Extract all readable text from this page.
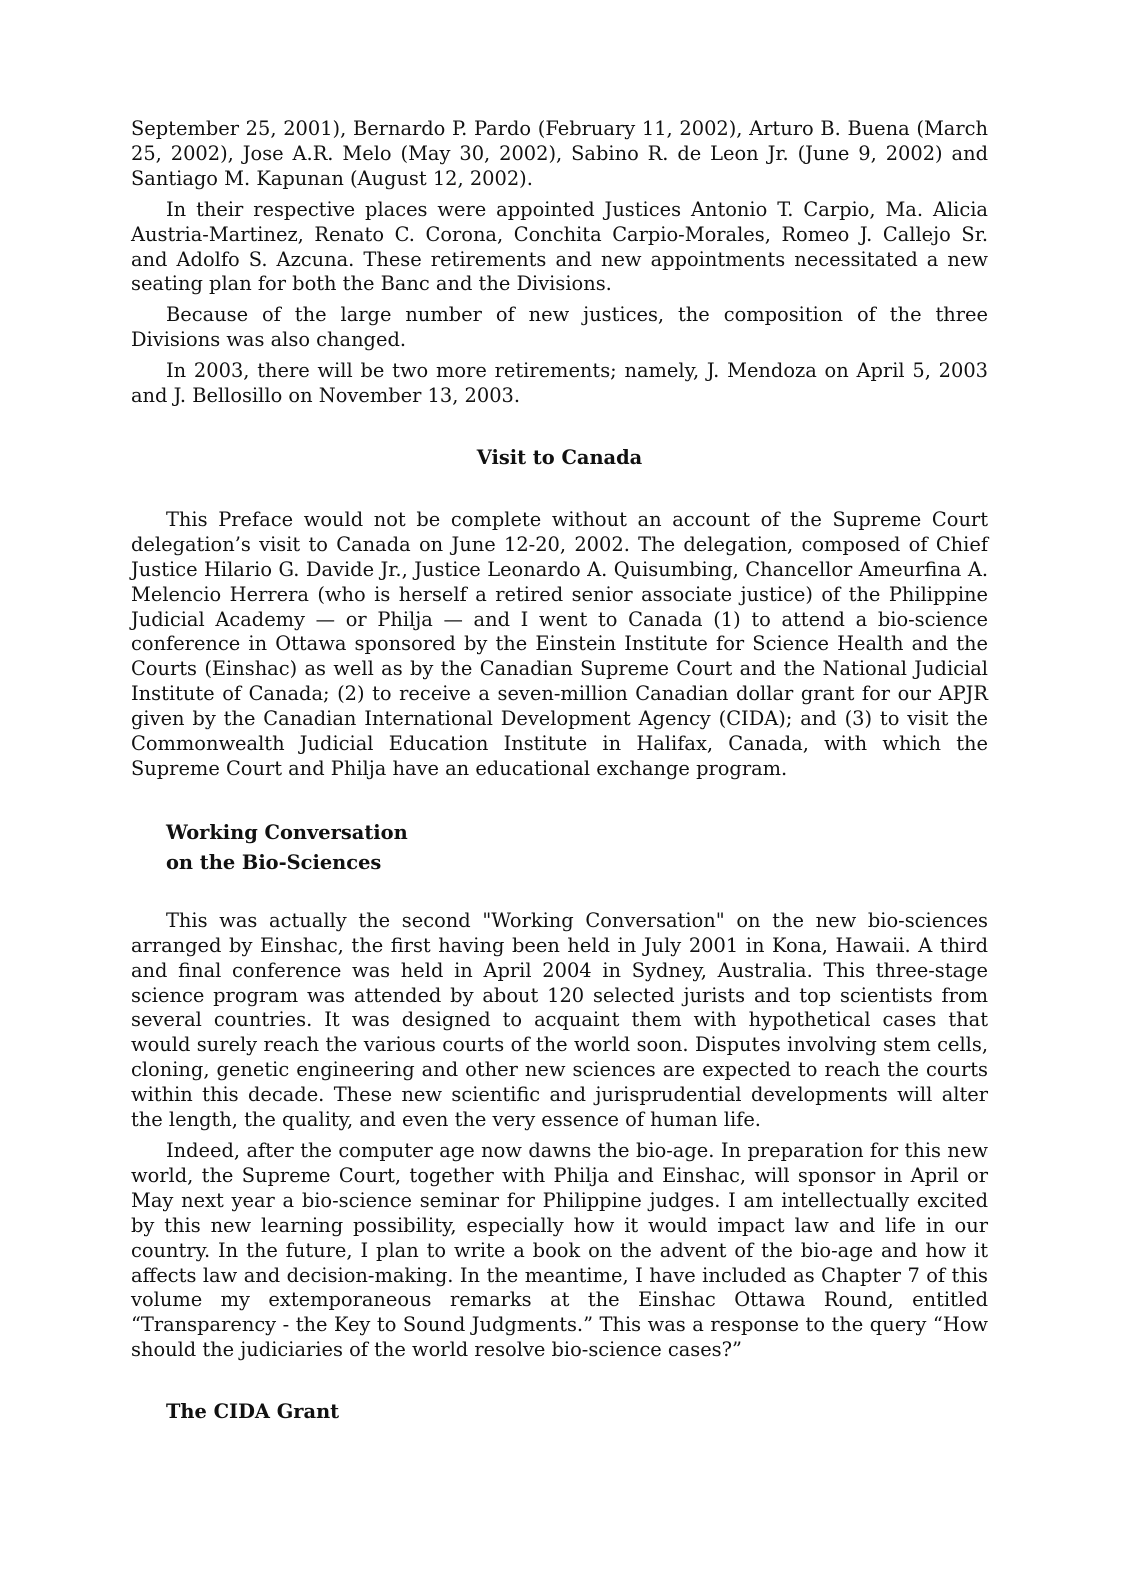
September 25, 2001), Bernardo P. Pardo (February 11, 2002), Arturo B. Buena (March 25, 2002), Jose A.R. Melo (May 30, 2002), Sabino R. de Leon Jr. (June 9, 2002) and Santiago M. Kapunan (August 12, 2002).

In their respective places were appointed Justices Antonio T. Carpio, Ma. Alicia Austria-Martinez, Renato C. Corona, Conchita Carpio-Morales, Romeo J. Callejo Sr. and Adolfo S. Azcuna. These retirements and new appointments necessitated a new seating plan for both the Banc and the Divisions.

Because of the large number of new justices, the composition of the three Divisions was also changed.

In 2003, there will be two more retirements; namely, J. Mendoza on April 5, 2003 and J. Bellosillo on November 13, 2003.

Visit to Canada

This Preface would not be complete without an account of the Supreme Court delegation’s visit to Canada on June 12-20, 2002. The delegation, composed of Chief Justice Hilario G. Davide Jr., Justice Leonardo A. Quisumbing, Chancellor Ameurfina A. Melencio Herrera (who is herself a retired senior associate justice) of the Philippine Judicial Academy — or Philja — and I went to Canada (1) to attend a bio-science conference in Ottawa sponsored by the Einstein Institute for Science Health and the Courts (Einshac) as well as by the Canadian Supreme Court and the National Judicial Institute of Canada; (2) to receive a seven-million Canadian dollar grant for our APJR given by the Canadian International Development Agency (CIDA); and (3) to visit the Commonwealth Judicial Education Institute in Halifax, Canada, with which the Supreme Court and Philja have an educational exchange program.

Working Conversation
on the Bio-Sciences

This was actually the second "Working Conversation" on the new bio-sciences arranged by Einshac, the first having been held in July 2001 in Kona, Hawaii. A third and final conference was held in April 2004 in Sydney, Australia. This three-stage science program was attended by about 120 selected jurists and top scientists from several countries. It was designed to acquaint them with hypothetical cases that would surely reach the various courts of the world soon. Disputes involving stem cells, cloning, genetic engineering and other new sciences are expected to reach the courts within this decade. These new scientific and jurisprudential developments will alter the length, the quality, and even the very essence of human life.

Indeed, after the computer age now dawns the bio-age. In preparation for this new world, the Supreme Court, together with Philja and Einshac, will sponsor in April or May next year a bio-science seminar for Philippine judges. I am intellectually excited by this new learning possibility, especially how it would impact law and life in our country. In the future, I plan to write a book on the advent of the bio-age and how it affects law and decision-making. In the meantime, I have included as Chapter 7 of this volume my extemporaneous remarks at the Einshac Ottawa Round, entitled “Transparency - the Key to Sound Judgments.” This was a response to the query “How should the judiciaries of the world resolve bio-science cases?”

The CIDA Grant
